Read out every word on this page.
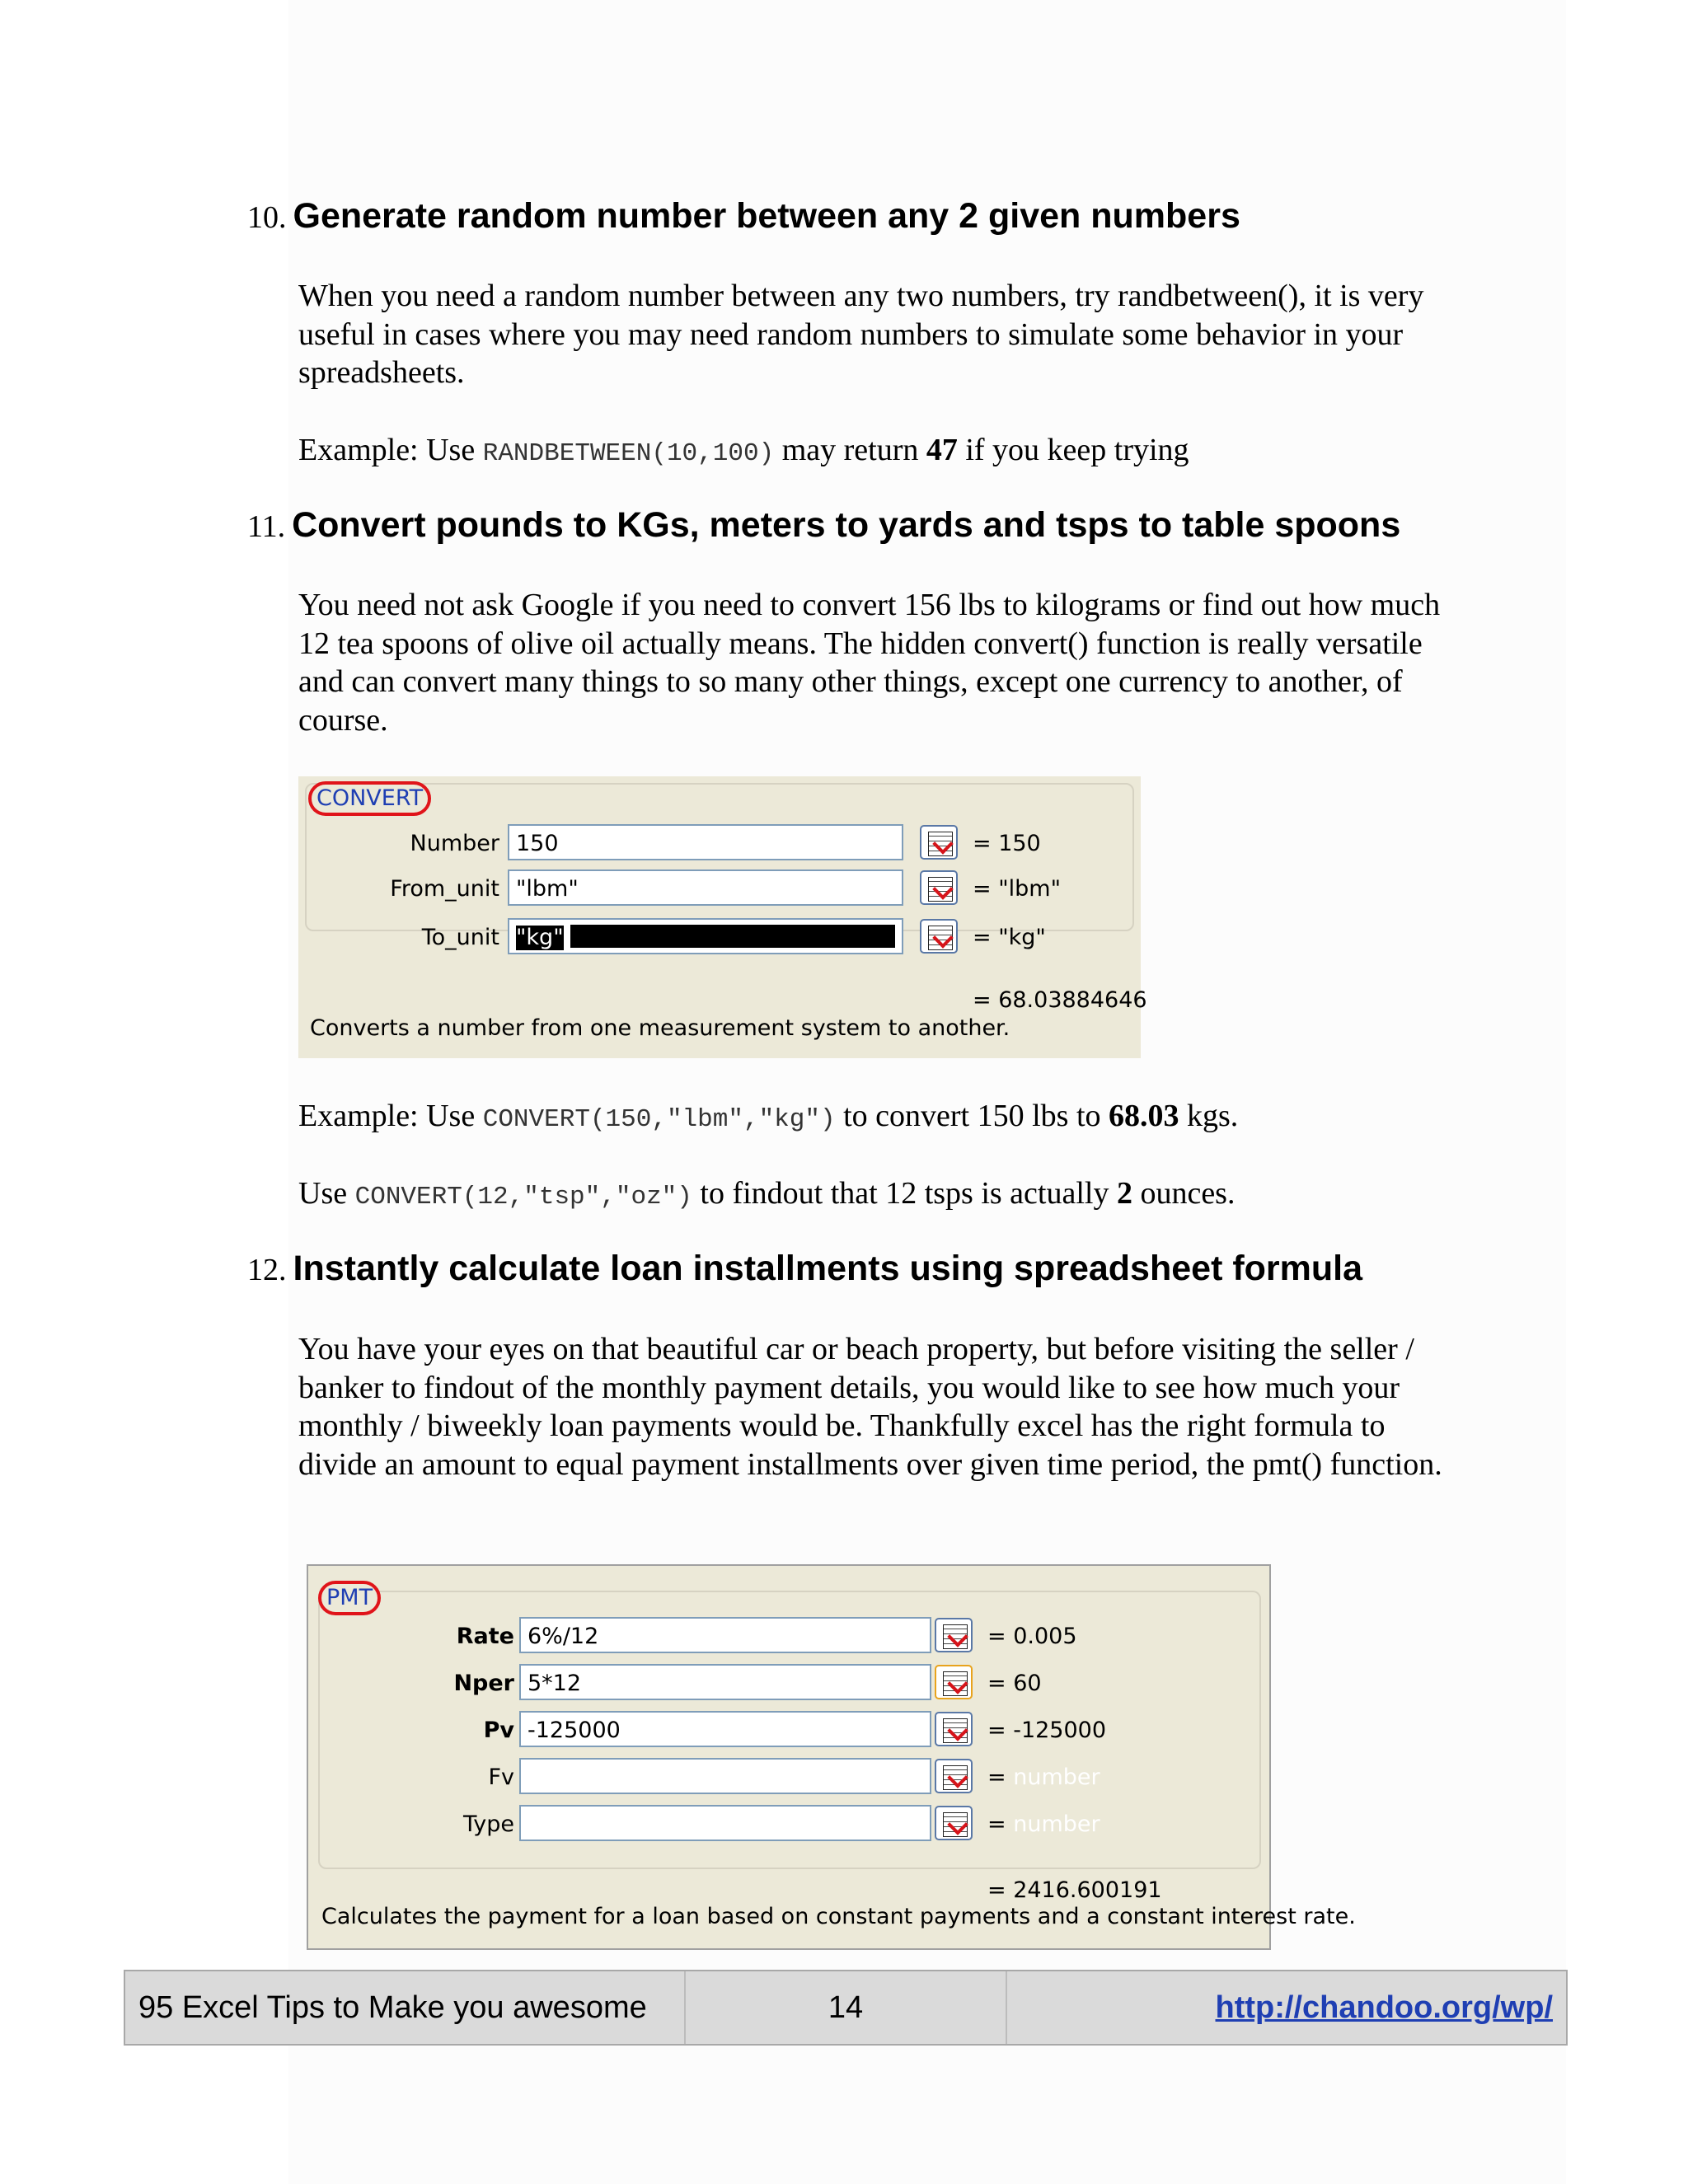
10. Generate random number between any 2 given numbers

When you need a random number between any two numbers, try randbetween(), it is very useful in cases where you may need random numbers to simulate some behavior in your spreadsheets.

Example: Use RANDBETWEEN(10,100) may return 47 if you keep trying

11. Convert pounds to KGs, meters to yards and tsps to table spoons

You need not ask Google if you need to convert 156 lbs to kilograms or find out how much 12 tea spoons of olive oil actually means. The hidden convert() function is really versatile and can convert many things to so many other things, except one currency to another, of course.

CONVERT
Number 150	= 150
From_unit "lbm"	= "lbm"
To_unit "kg"	= "kg"
= 68.03884646
Converts a number from one measurement system to another.

Example: Use CONVERT(150,"lbm","kg") to convert 150 lbs to 68.03 kgs.

Use CONVERT(12,"tsp","oz") to findout that 12 tsps is actually 2 ounces.

12. Instantly calculate loan installments using spreadsheet formula

You have your eyes on that beautiful car or beach property, but before visiting the seller / banker to findout of the monthly payment details, you would like to see how much your monthly / biweekly loan payments would be. Thankfully excel has the right formula to divide an amount to equal payment installments over given time period, the pmt() function.

PMT
Rate 6%/12	= 0.005
Nper 5*12	= 60
Pv -125000	= -125000
Fv	= number
Type	= number
= 2416.600191
Calculates the payment for a loan based on constant payments and a constant interest rate.
95 Excel Tips to Make you awesome	14	http://chandoo.org/wp/
